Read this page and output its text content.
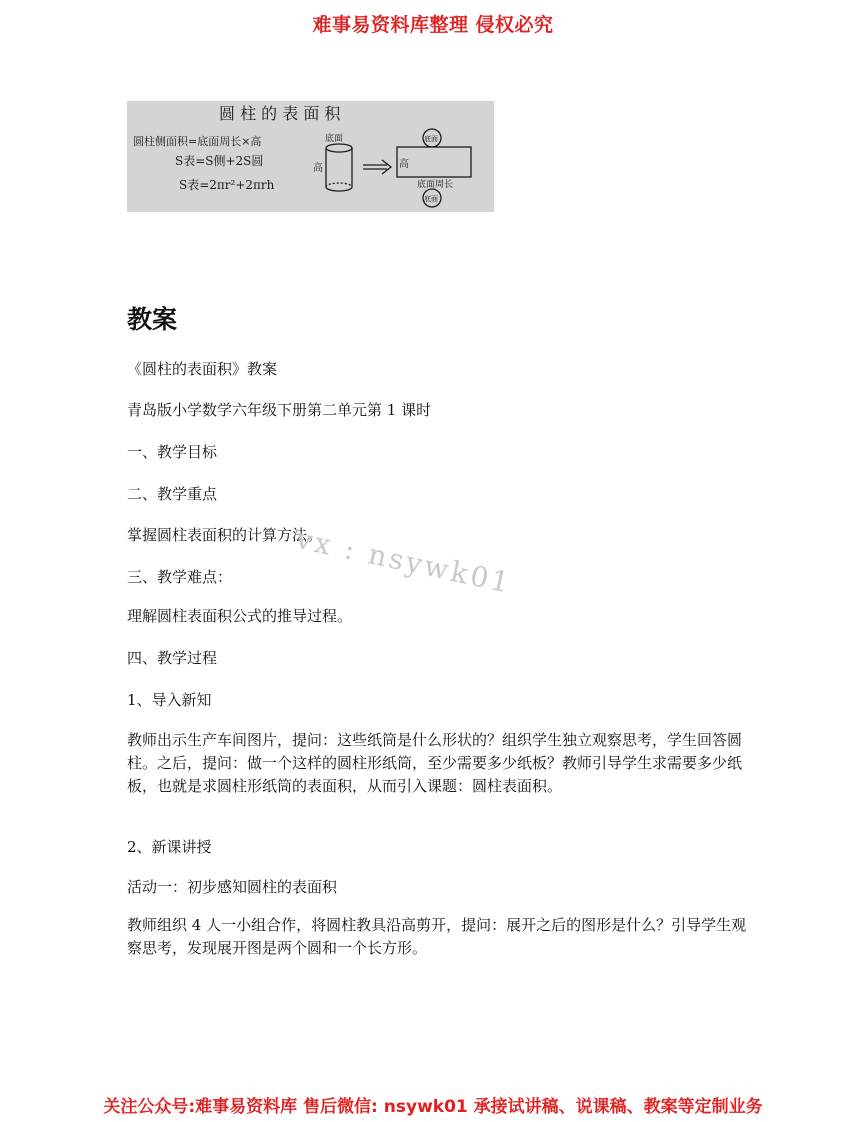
难事易资料库整理 侵权必究
圆 柱 的 表 面 积
圆柱侧面积=底面周长×高
S表=S侧+2S圆
S表=2πr²+2πrh
底面
高
底面
高
底面周长
底面
教案
《圆柱的表面积》教案
青岛版小学数学六年级下册第二单元第 1 课时
一、教学目标
二、教学重点
掌握圆柱表面积的计算方法。
三、教学难点：
理解圆柱表面积公式的推导过程。
四、教学过程
1、导入新知
教师出示生产车间图片，提问：这些纸筒是什么形状的？组织学生独立观察思考，学生回答圆柱。之后，提问：做一个这样的圆柱形纸筒，至少需要多少纸板？教师引导学生求需要多少纸板，也就是求圆柱形纸筒的表面积，从而引入课题：圆柱表面积。
2、新课讲授
活动一：初步感知圆柱的表面积
教师组织 4 人一小组合作，将圆柱教具沿高剪开，提问：展开之后的图形是什么？引导学生观察思考，发现展开图是两个圆和一个长方形。
vx : nsywk01
关注公众号:难事易资料库 售后微信: nsywk01 承接试讲稿、说课稿、教案等定制业务
